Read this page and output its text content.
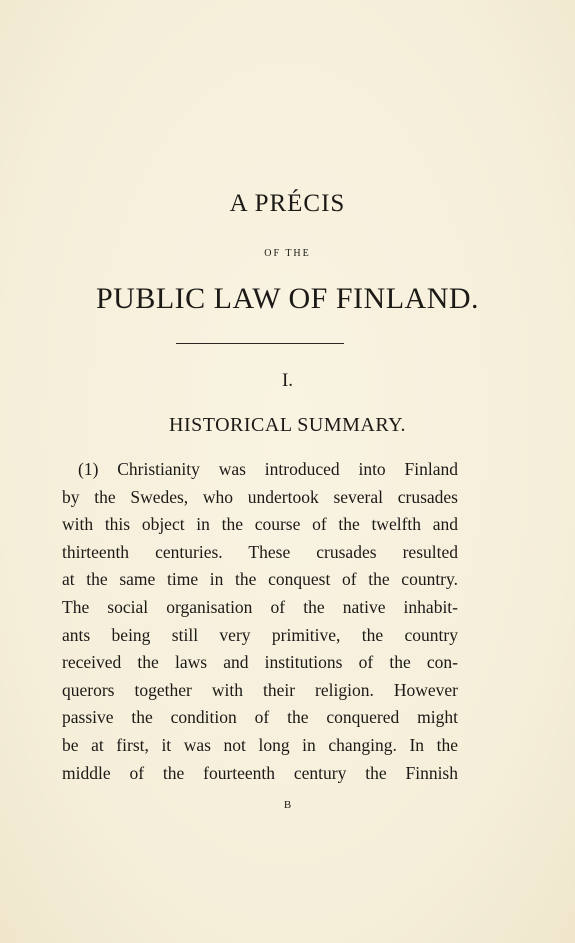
A PRÉCIS
OF THE
PUBLIC LAW OF FINLAND.
I.
HISTORICAL SUMMARY.
(1) Christianity was introduced into Finland
by the Swedes, who undertook several crusades
with this object in the course of the twelfth and
thirteenth centuries. These crusades resulted
at the same time in the conquest of the country.
The social organisation of the native inhabit-
ants being still very primitive, the country
received the laws and institutions of the con-
querors together with their religion. However
passive the condition of the conquered might
be at first, it was not long in changing. In the
middle of the fourteenth century the Finnish
B
